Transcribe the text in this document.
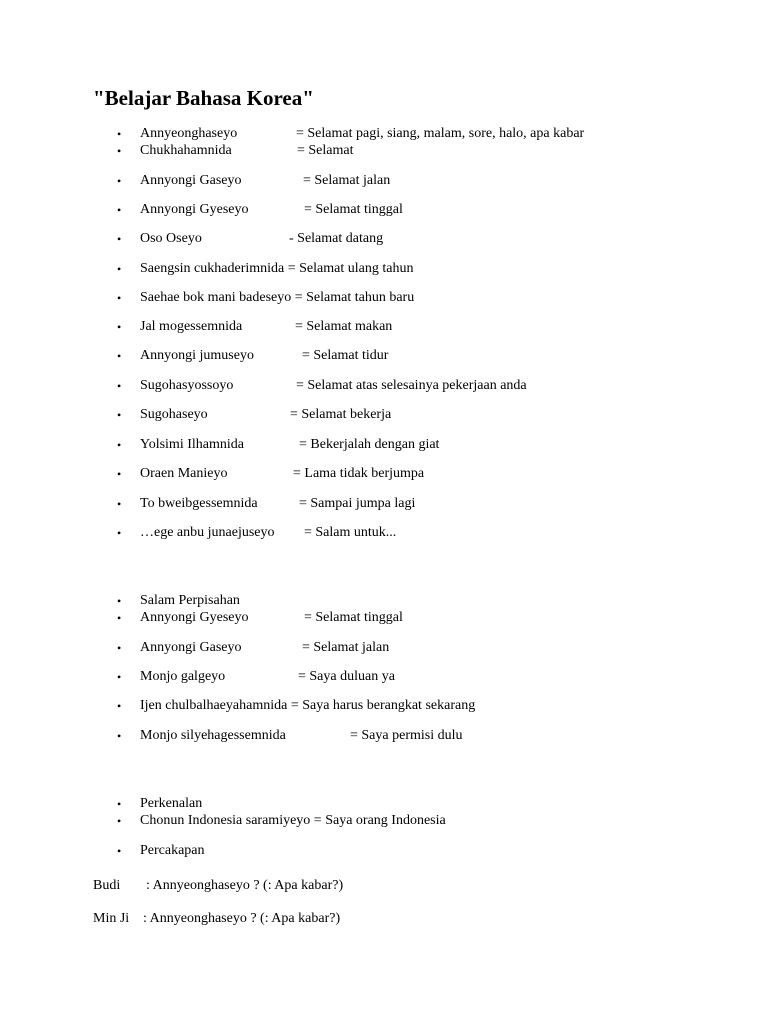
"Belajar Bahasa Korea"
• Annyeonghaseyo	= Selamat pagi, siang, malam, sore, halo, apa kabar
• Chukhahamnida	= Selamat
• Annyongi Gaseyo	= Selamat jalan
• Annyongi Gyeseyo	= Selamat tinggal
• Oso Oseyo	- Selamat datang
• Saengsin cukhaderimnida = Selamat ulang tahun
• Saehae bok mani badeseyo = Selamat tahun baru
• Jal mogessemnida	= Selamat makan
• Annyongi jumuseyo	= Selamat tidur
• Sugohasyossoyo	= Selamat atas selesainya pekerjaan anda
• Sugohaseyo	= Selamat bekerja
• Yolsimi Ilhamnida	= Bekerjalah dengan giat
• Oraen Manieyo	= Lama tidak berjumpa
• To bweibgessemnida	= Sampai jumpa lagi
• …ege anbu junaejuseyo = Salam untuk...
• Salam Perpisahan
• Annyongi Gyeseyo	= Selamat tinggal
• Annyongi Gaseyo	= Selamat jalan
• Monjo galgeyo	= Saya duluan ya
• Ijen chulbalhaeyahamnida = Saya harus berangkat sekarang
• Monjo silyehagessemnida	= Saya permisi dulu
• Perkenalan
• Chonun Indonesia saramiyeyo = Saya orang Indonesia
• Percakapan
Budi : Annyeonghaseyo ? (: Apa kabar?)
Min Ji : Annyeonghaseyo ? (: Apa kabar?)
